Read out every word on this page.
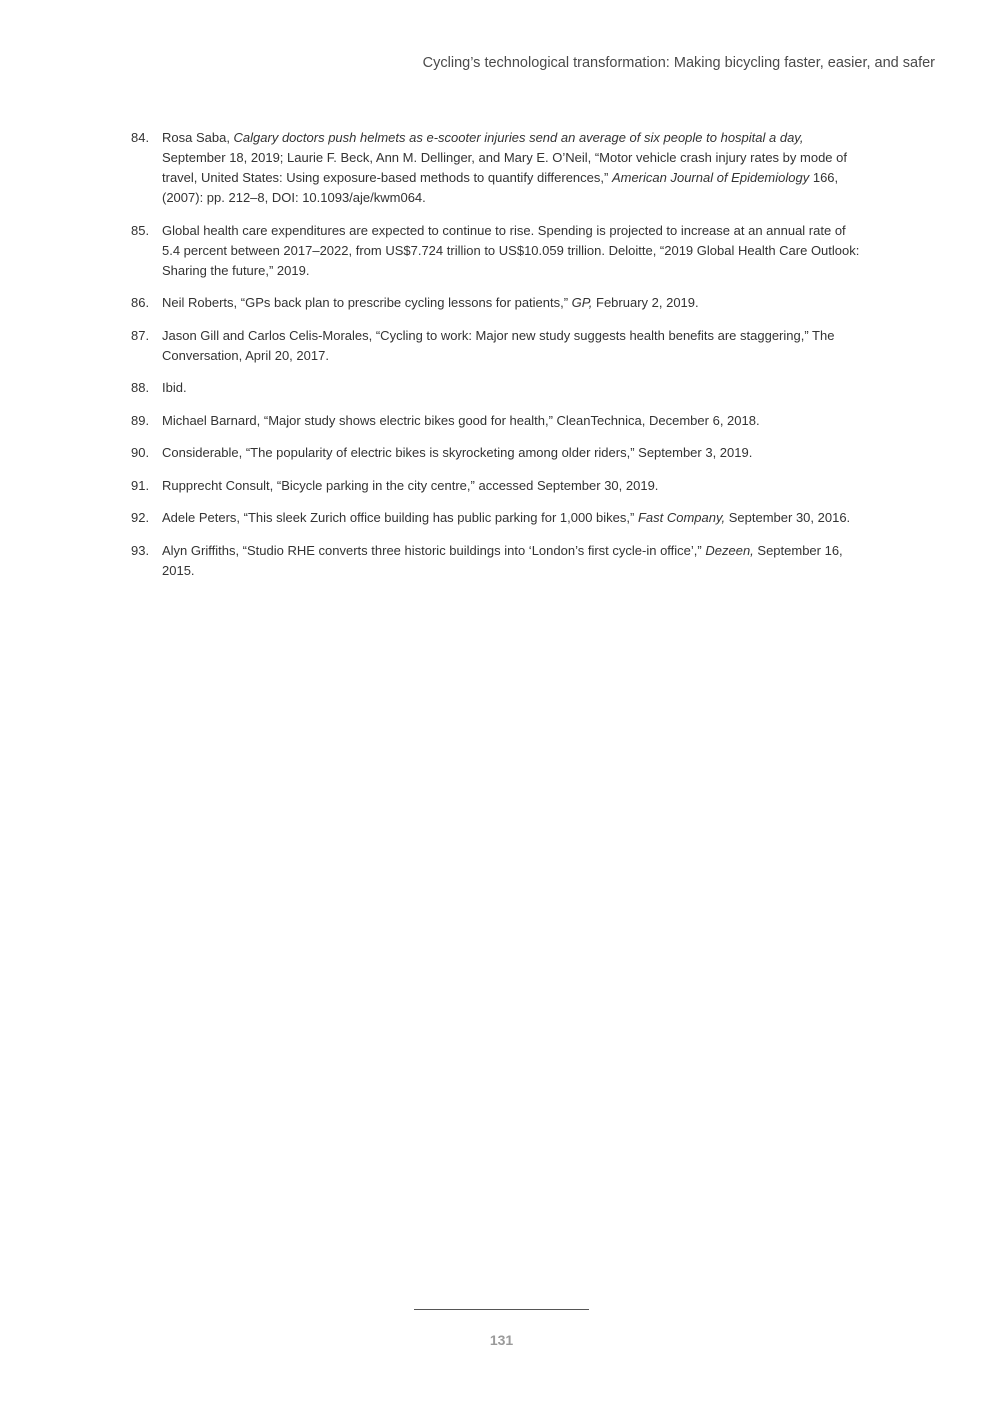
Cycling’s technological transformation: Making bicycling faster, easier, and safer
84. Rosa Saba, Calgary doctors push helmets as e-scooter injuries send an average of six people to hospital a day, September 18, 2019; Laurie F. Beck, Ann M. Dellinger, and Mary E. O’Neil, “Motor vehicle crash injury rates by mode of travel, United States: Using exposure-based methods to quantify differences,” American Journal of Epidemiology 166, (2007): pp. 212–8, DOI: 10.1093/aje/kwm064.
85. Global health care expenditures are expected to continue to rise. Spending is projected to increase at an annual rate of 5.4 percent between 2017–2022, from US$7.724 trillion to US$10.059 trillion. Deloitte, “2019 Global Health Care Outlook: Sharing the future,” 2019.
86. Neil Roberts, “GPs back plan to prescribe cycling lessons for patients,” GP, February 2, 2019.
87. Jason Gill and Carlos Celis-Morales, “Cycling to work: Major new study suggests health benefits are staggering,” The Conversation, April 20, 2017.
88. Ibid.
89. Michael Barnard, “Major study shows electric bikes good for health,” CleanTechnica, December 6, 2018.
90. Considerable, “The popularity of electric bikes is skyrocketing among older riders,” September 3, 2019.
91. Rupprecht Consult, “Bicycle parking in the city centre,” accessed September 30, 2019.
92. Adele Peters, “This sleek Zurich office building has public parking for 1,000 bikes,” Fast Company, September 30, 2016.
93. Alyn Griffiths, “Studio RHE converts three historic buildings into ‘London’s first cycle-in office’,” Dezeen, September 16, 2015.
131
